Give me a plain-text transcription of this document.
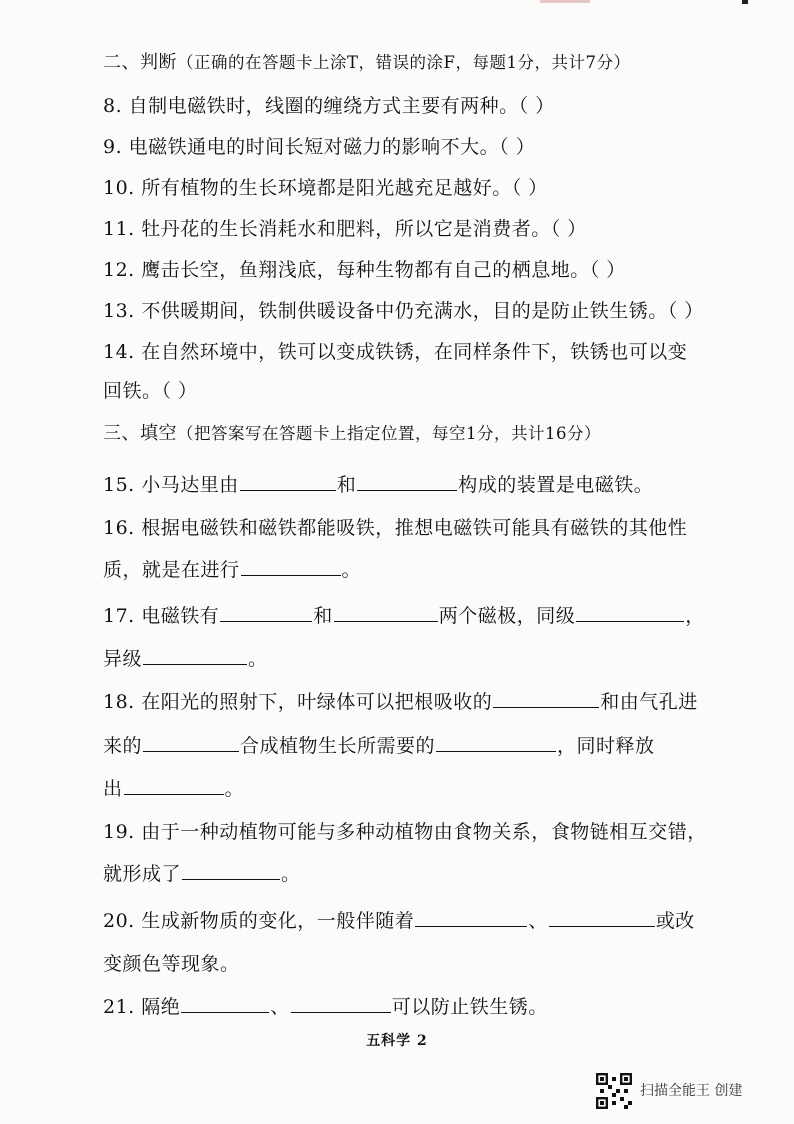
二、判断（正确的在答题卡上涂T，错误的涂F，每题1分，共计7分）
8. 自制电磁铁时，线圈的缠绕方式主要有两种。（ ）
9. 电磁铁通电的时间长短对磁力的影响不大。（ ）
10. 所有植物的生长环境都是阳光越充足越好。（ ）
11. 牡丹花的生长消耗水和肥料，所以它是消费者。（ ）
12. 鹰击长空，鱼翔浅底，每种生物都有自己的栖息地。（ ）
13. 不供暖期间，铁制供暖设备中仍充满水，目的是防止铁生锈。（ ）
14. 在自然环境中，铁可以变成铁锈，在同样条件下，铁锈也可以变
回铁。（ ）
三、填空（把答案写在答题卡上指定位置，每空1分，共计16分）
15. 小马达里由	和	构成的装置是电磁铁。
16. 根据电磁铁和磁铁都能吸铁，推想电磁铁可能具有磁铁的其他性
质，就是在进行	。
17. 电磁铁有	和	两个磁极，同级	，
异级	。
18. 在阳光的照射下，叶绿体可以把根吸收的	和由气孔进
来的	合成植物生长所需要的	，同时释放
出	。
19. 由于一种动植物可能与多种动植物由食物关系，食物链相互交错，
就形成了	。
20. 生成新物质的变化，一般伴随着	、	或改
变颜色等现象。
21. 隔绝	、	可以防止铁生锈。
五科学 2
扫描全能王 创建
